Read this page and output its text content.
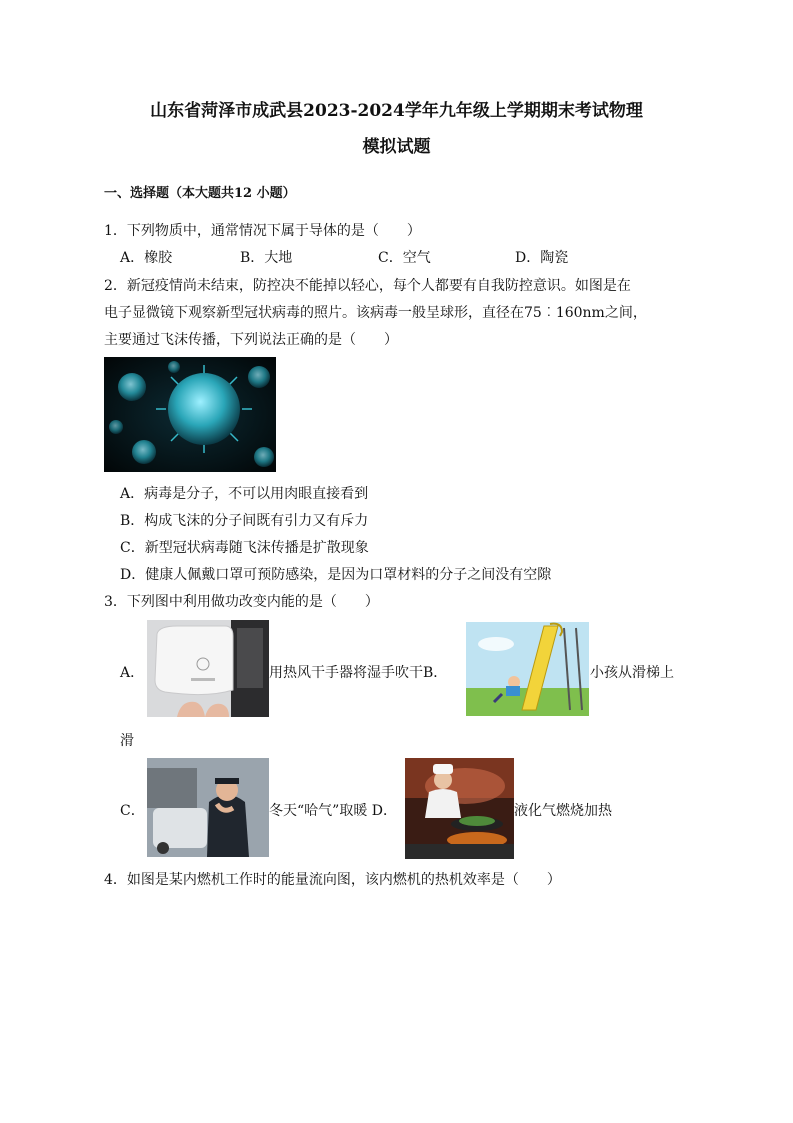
山东省菏泽市成武县2023-2024学年九年级上学期期末考试物理
模拟试题
一、选择题（本大题共12 小题）
1．下列物质中，通常情况下属于导体的是（　　）
A．橡胶	B．大地	C．空气	D．陶瓷
2．新冠疫情尚未结束，防控决不能掉以轻心，每个人都要有自我防控意识。如图是在
电子显微镜下观察新型冠状病毒的照片。该病毒一般呈球形，直径在75︰160nm之间，
主要通过飞沫传播，下列说法正确的是（　　）
A．病毒是分子，不可以用肉眼直接看到
B．构成飞沫的分子间既有引力又有斥力
C．新型冠状病毒随飞沫传播是扩散现象
D．健康人佩戴口罩可预防感染，是因为口罩材料的分子之间没有空隙
3．下列图中利用做功改变内能的是（　　）
A．	用热风干手器将湿手吹干B．	小孩从滑梯上
滑
C．	冬天“哈气”取暖 D．	液化气燃烧加热
4．如图是某内燃机工作时的能量流向图，该内燃机的热机效率是（　　）
